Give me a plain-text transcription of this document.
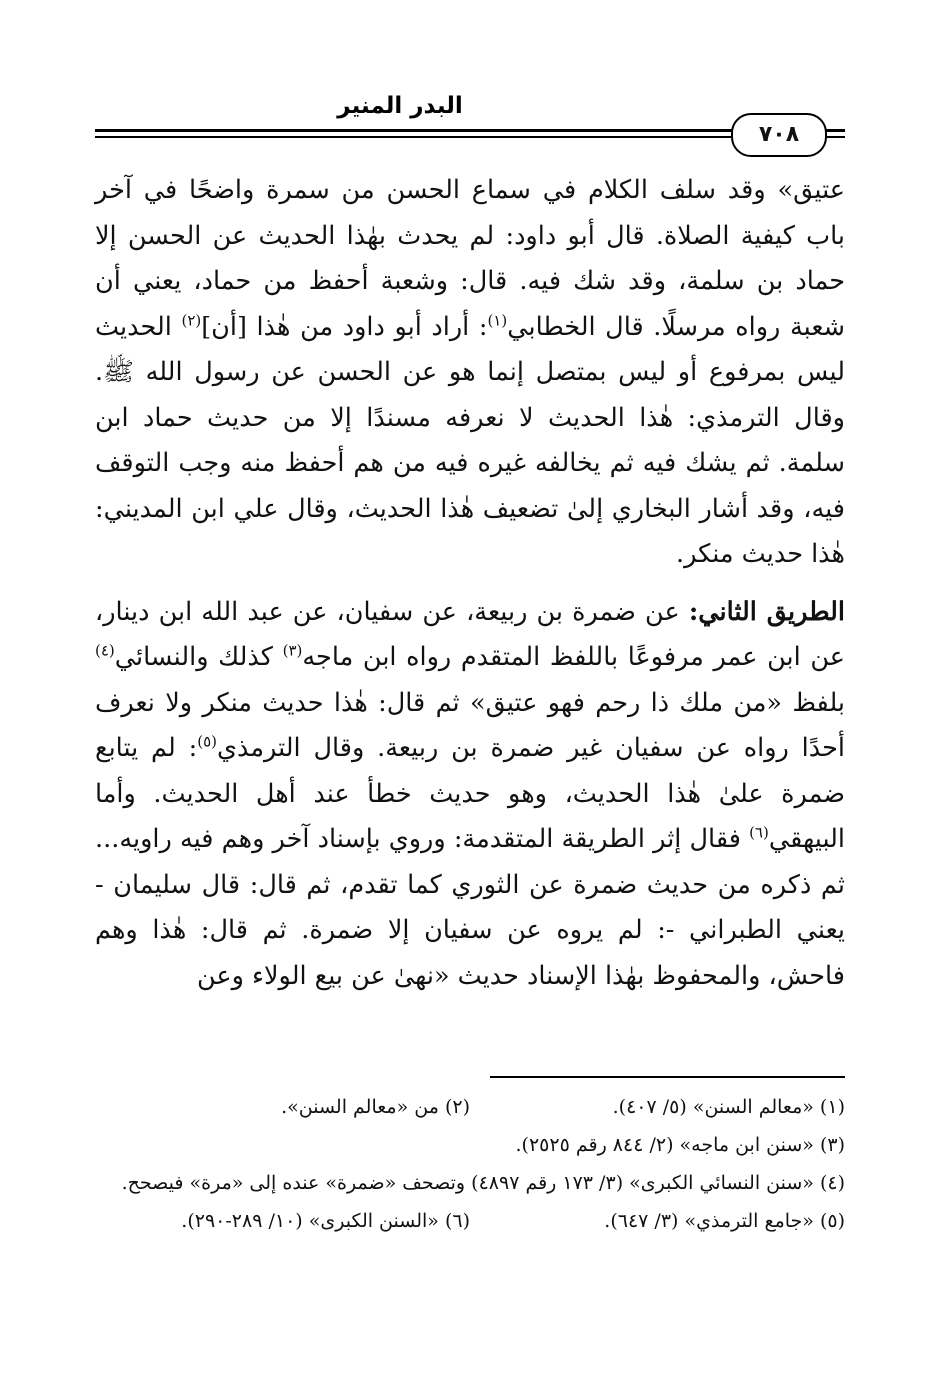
البدر المنير
٧٠٨

عتيق» وقد سلف الكلام في سماع الحسن من سمرة واضحًا في آخر باب كيفية الصلاة. قال أبو داود: لم يحدث بهٰذا الحديث عن الحسن إلا حماد بن سلمة، وقد شك فيه. قال: وشعبة أحفظ من حماد، يعني أن شعبة رواه مرسلًا. قال الخطابي$^{(١)}$: أراد أبو داود من هٰذا [أن]$^{(٢)}$ الحديث ليس بمرفوع أو ليس بمتصل إنما هو عن الحسن عن رسول الله ﷺ. وقال الترمذي: هٰذا الحديث لا نعرفه مسندًا إلا من حديث حماد ابن سلمة. ثم يشك فيه ثم يخالفه غيره فيه من هم أحفظ منه وجب التوقف فيه، وقد أشار البخاري إلىٰ تضعيف هٰذا الحديث، وقال علي ابن المديني: هٰذا حديث منكر.

الطريق الثاني: عن ضمرة بن ربيعة، عن سفيان، عن عبد الله ابن دينار، عن ابن عمر مرفوعًا باللفظ المتقدم رواه ابن ماجه$^{(٣)}$ كذلك والنسائي$^{(٤)}$ بلفظ «من ملك ذا رحم فهو عتيق» ثم قال: هٰذا حديث منكر ولا نعرف أحدًا رواه عن سفيان غير ضمرة بن ربيعة. وقال الترمذي$^{(٥)}$: لم يتابع ضمرة علىٰ هٰذا الحديث، وهو حديث خطأ عند أهل الحديث. وأما البيهقي$^{(٦)}$ فقال إثر الطريقة المتقدمة: وروي بإسناد آخر وهم فيه راويه... ثم ذكره من حديث ضمرة عن الثوري كما تقدم، ثم قال: قال سليمان - يعني الطبراني -: لم يروه عن سفيان إلا ضمرة. ثم قال: هٰذا وهم فاحش، والمحفوظ بهٰذا الإسناد حديث «نهىٰ عن بيع الولاء وعن

(١) «معالم السنن» (٥/ ٤٠٧).
(٢) من «معالم السنن».
(٣) «سنن ابن ماجه» (٢/ ٨٤٤ رقم ٢٥٢٥).
(٤) «سنن النسائي الكبرى» (٣/ ١٧٣ رقم ٤٨٩٧) وتصحف «ضمرة» عنده إلى «مرة» فيصحح.
(٥) «جامع الترمذي» (٣/ ٦٤٧).
(٦) «السنن الكبرى» (١٠/ ٢٨٩-٢٩٠).
